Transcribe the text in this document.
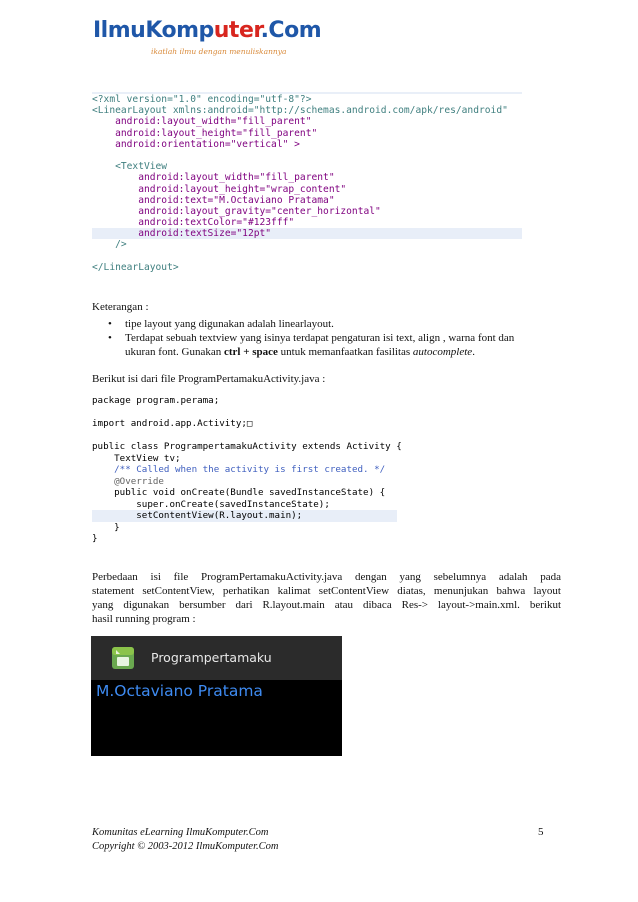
IlmuKomputer.Com
ikatlah ilmu dengan menuliskannya
<?xml version="1.0" encoding="utf-8"?>
<LinearLayout xmlns:android="http://schemas.android.com/apk/res/android"
android:layout_width="fill_parent"
android:layout_height="fill_parent"
android:orientation="vertical" >
<TextView
android:layout_width="fill_parent"
android:layout_height="wrap_content"
android:text="M.Octaviano Pratama"
android:layout_gravity="center_horizontal"
android:textColor="#123fff"
android:textSize="12pt"
/>
</LinearLayout>
Keterangan :
• tipe layout yang digunakan adalah linearlayout.
• Terdapat sebuah textview yang isinya terdapat pengaturan isi text, align , warna font dan
ukuran font. Gunakan ctrl + space untuk memanfaatkan fasilitas autocomplete.
Berikut isi dari file ProgramPertamakuActivity.java :
package program.perama;
import android.app.Activity;□
public class ProgrampertamakuActivity extends Activity {
TextView tv;
/** Called when the activity is first created. */
@Override
public void onCreate(Bundle savedInstanceState) {
super.onCreate(savedInstanceState);
setContentView(R.layout.main);
}
}
Perbedaan isi file ProgramPertamakuActivity.java dengan yang sebelumnya adalah pada
statement setContentView, perhatikan kalimat setContentView diatas, menunjukan bahwa layout
yang digunakan bersumber dari R.layout.main atau dibaca Res-> layout->main.xml. berikut
hasil running program :
Programpertamaku
M.Octaviano Pratama
Komunitas eLearning IlmuKomputer.Com
Copyright © 2003-2012 IlmuKomputer.Com
5
